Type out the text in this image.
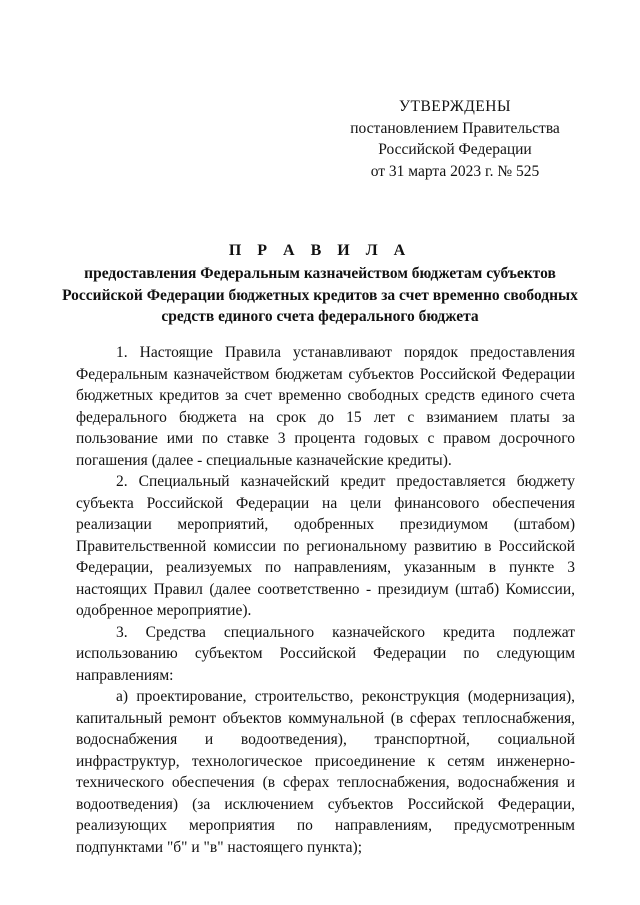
УТВЕРЖДЕНЫ
постановлением Правительства
Российской Федерации
от 31 марта 2023 г. № 525
П Р А В И Л А
предоставления Федеральным казначейством бюджетам субъектов Российской Федерации бюджетных кредитов за счет временно свободных средств единого счета федерального бюджета

1. Настоящие Правила устанавливают порядок предоставления Федеральным казначейством бюджетам субъектов Российской Федерации бюджетных кредитов за счет временно свободных средств единого счета федерального бюджета на срок до 15 лет с взиманием платы за пользование ими по ставке 3 процента годовых с правом досрочного погашения (далее - специальные казначейские кредиты).

2. Специальный казначейский кредит предоставляется бюджету субъекта Российской Федерации на цели финансового обеспечения реализации мероприятий, одобренных президиумом (штабом) Правительственной комиссии по региональному развитию в Российской Федерации, реализуемых по направлениям, указанным в пункте 3 настоящих Правил (далее соответственно - президиум (штаб) Комиссии, одобренное мероприятие).

3. Средства специального казначейского кредита подлежат использованию субъектом Российской Федерации по следующим направлениям:

а) проектирование, строительство, реконструкция (модернизация), капитальный ремонт объектов коммунальной (в сферах теплоснабжения, водоснабжения и водоотведения), транспортной, социальной инфраструктур, технологическое присоединение к сетям инженерно-технического обеспечения (в сферах теплоснабжения, водоснабжения и водоотведения) (за исключением субъектов Российской Федерации, реализующих мероприятия по направлениям, предусмотренным подпунктами "б" и "в" настоящего пункта);
